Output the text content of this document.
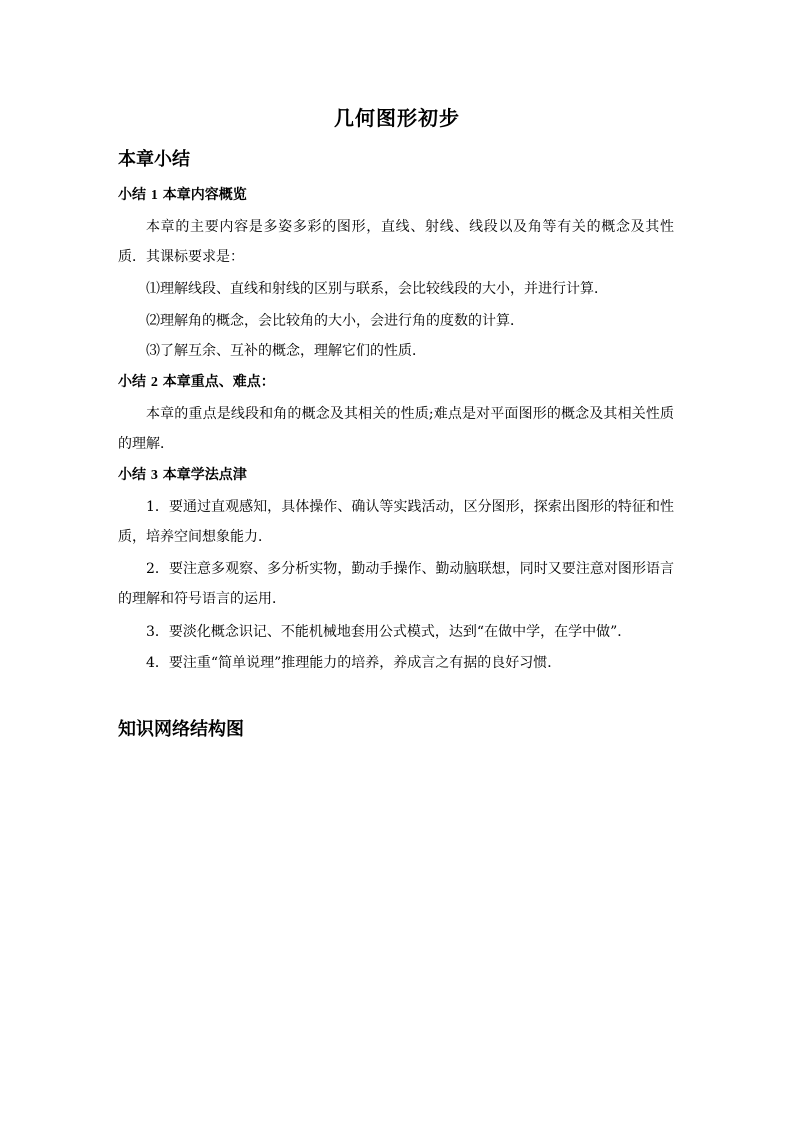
几何图形初步
本章小结
小结 1 本章内容概览
本章的主要内容是多姿多彩的图形，直线、射线、线段以及角等有关的概念及其性质．其课标要求是：
⑴理解线段、直线和射线的区别与联系，会比较线段的大小，并进行计算．
⑵理解角的概念，会比较角的大小，会进行角的度数的计算．
⑶了解互余、互补的概念，理解它们的性质．
小结 2 本章重点、难点：
本章的重点是线段和角的概念及其相关的性质;难点是对平面图形的概念及其相关性质的理解．
小结 3 本章学法点津
1．要通过直观感知，具体操作、确认等实践活动，区分图形，探索出图形的特征和性质，培养空间想象能力．
2．要注意多观察、多分析实物，勤动手操作、勤动脑联想，同时又要注意对图形语言的理解和符号语言的运用．
3．要淡化概念识记、不能机械地套用公式模式，达到“在做中学，在学中做”．
4．要注重“简单说理”推理能力的培养，养成言之有据的良好习惯．
知识网络结构图
